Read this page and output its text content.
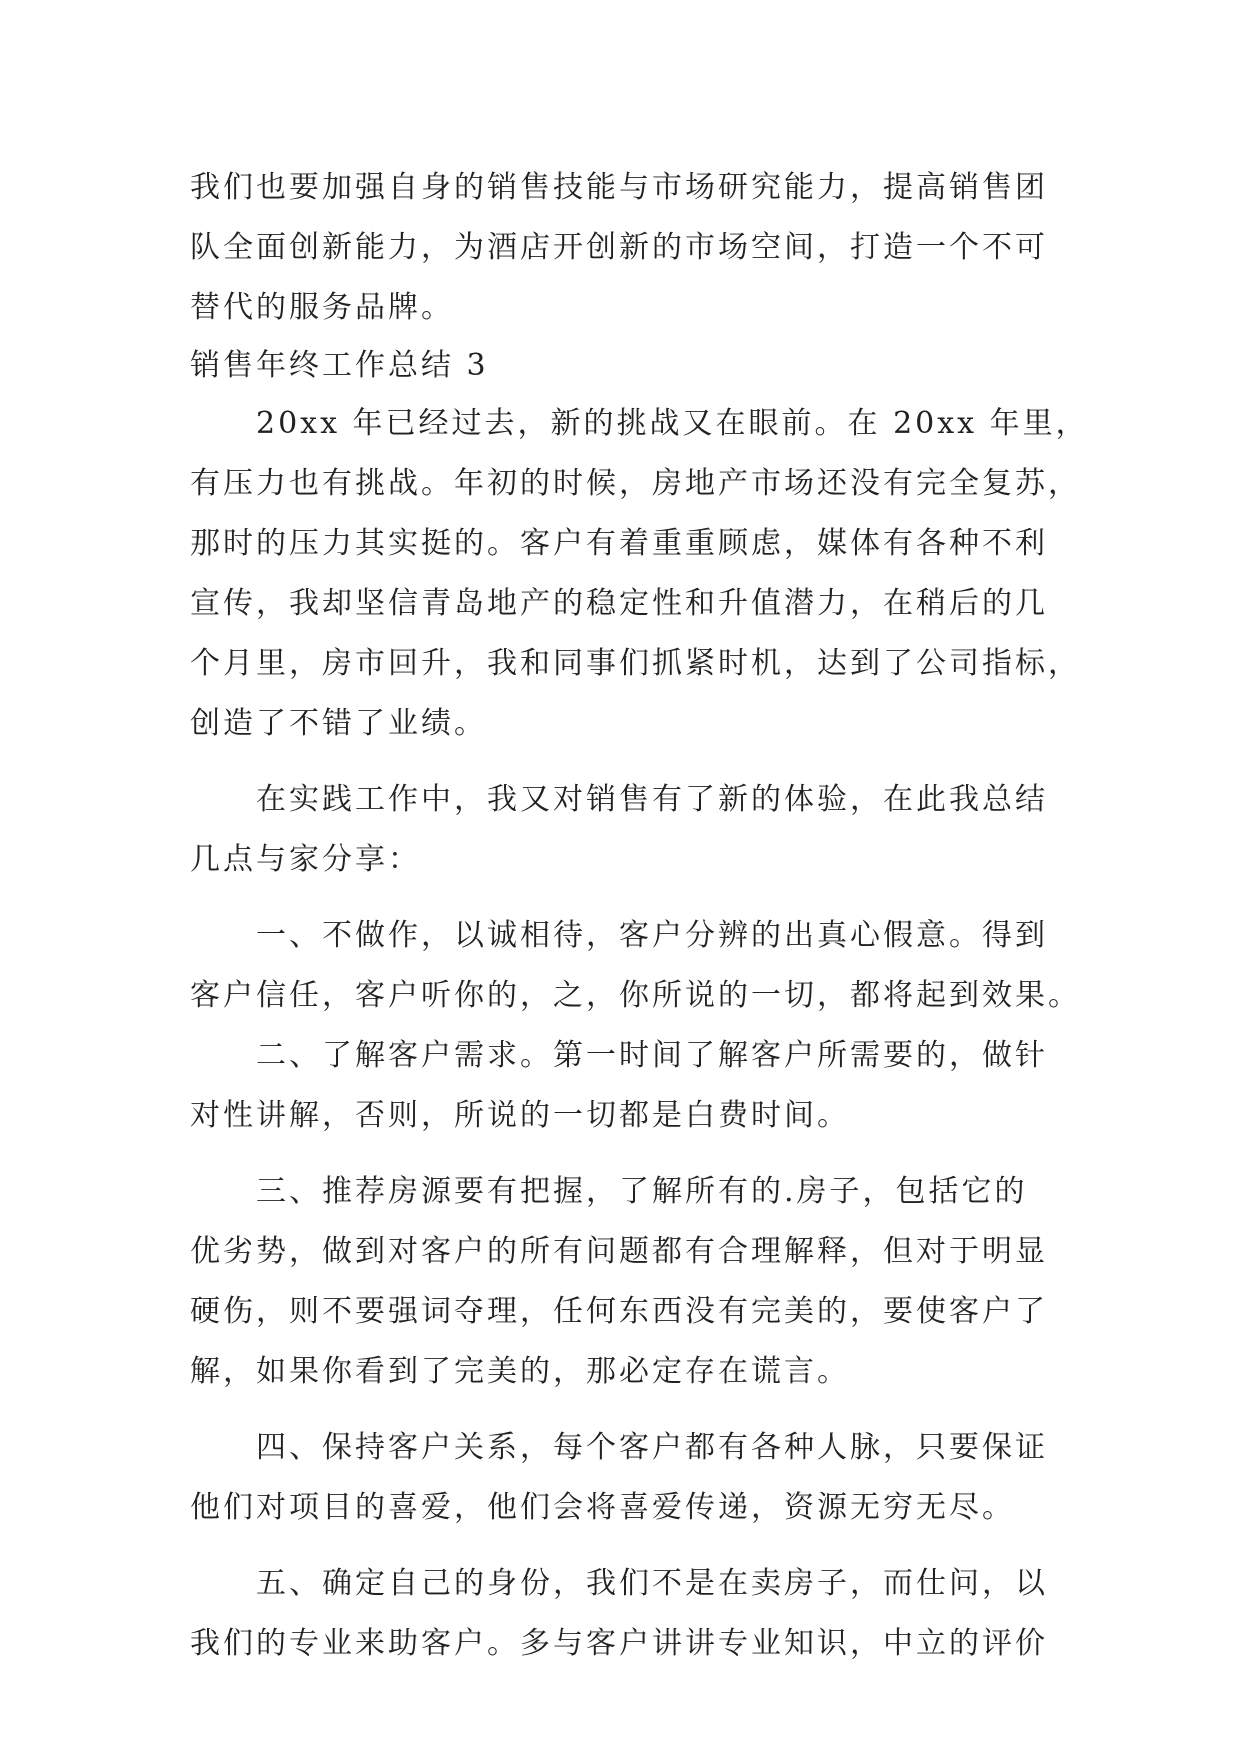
我们也要加强自身的销售技能与市场研究能力，提高销售团
队全面创新能力，为酒店开创新的市场空间，打造一个不可
替代的服务品牌。
销售年终工作总结 3
20xx 年已经过去，新的挑战又在眼前。在 20xx 年里，
有压力也有挑战。年初的时候，房地产市场还没有完全复苏，
那时的压力其实挺的。客户有着重重顾虑，媒体有各种不利
宣传，我却坚信青岛地产的稳定性和升值潜力，在稍后的几
个月里，房市回升，我和同事们抓紧时机，达到了公司指标，
创造了不错了业绩。
在实践工作中，我又对销售有了新的体验，在此我总结
几点与家分享：
一、不做作，以诚相待，客户分辨的出真心假意。得到
客户信任，客户听你的，之，你所说的一切，都将起到效果。
二、了解客户需求。第一时间了解客户所需要的，做针
对性讲解，否则，所说的一切都是白费时间。
三、推荐房源要有把握，了解所有的.房子，包括它的
优劣势，做到对客户的所有问题都有合理解释，但对于明显
硬伤，则不要强词夺理，任何东西没有完美的，要使客户了
解，如果你看到了完美的，那必定存在谎言。
四、保持客户关系，每个客户都有各种人脉，只要保证
他们对项目的喜爱，他们会将喜爱传递，资源无穷无尽。
五、确定自己的身份，我们不是在卖房子，而仕问，以
我们的专业来助客户。多与客户讲讲专业知识，中立的评价
